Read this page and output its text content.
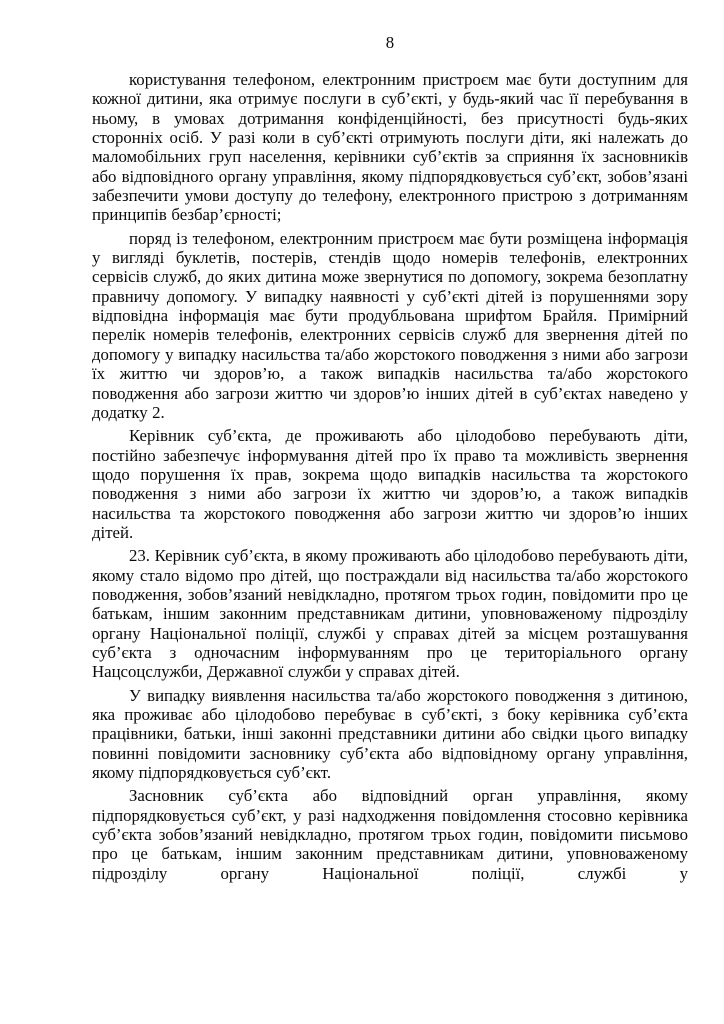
8

користування телефоном, електронним пристроєм має бути доступним для кожної дитини, яка отримує послуги в суб’єкті, у будь-який час її перебування в ньому, в умовах дотримання конфіденційності, без присутності будь-яких сторонніх осіб. У разі коли в суб’єкті отримують послуги діти, які належать до маломобільних груп населення, керівники суб’єктів за сприяння їх засновників або відповідного органу управління, якому підпорядковується суб’єкт, зобов’язані забезпечити умови доступу до телефону, електронного пристрою з дотриманням принципів безбар’єрності;

поряд із телефоном, електронним пристроєм має бути розміщена інформація у вигляді буклетів, постерів, стендів щодо номерів телефонів, електронних сервісів служб, до яких дитина може звернутися по допомогу, зокрема безоплатну правничу допомогу. У випадку наявності у суб’єкті дітей із порушеннями зору відповідна інформація має бути продубльована шрифтом Брайля. Примірний перелік номерів телефонів, електронних сервісів служб для звернення дітей по допомогу у випадку насильства та/або жорстокого поводження з ними або загрози їх життю чи здоров’ю, а також випадків насильства та/або жорстокого поводження або загрози життю чи здоров’ю інших дітей в суб’єктах наведено у додатку 2.

Керівник суб’єкта, де проживають або цілодобово перебувають діти, постійно забезпечує інформування дітей про їх право та можливість звернення щодо порушення їх прав, зокрема щодо випадків насильства та жорстокого поводження з ними або загрози їх життю чи здоров’ю, а також випадків насильства та жорстокого поводження або загрози життю чи здоров’ю інших дітей.

23. Керівник суб’єкта, в якому проживають або цілодобово перебувають діти, якому стало відомо про дітей, що постраждали від насильства та/або жорстокого поводження, зобов’язаний невідкладно, протягом трьох годин, повідомити про це батькам, іншим законним представникам дитини, уповноваженому підрозділу органу Національної поліції, службі у справах дітей за місцем розташування суб’єкта з одночасним інформуванням про це територіального органу Нацсоцслужби, Державної служби у справах дітей.

У випадку виявлення насильства та/або жорстокого поводження з дитиною, яка проживає або цілодобово перебуває в суб’єкті, з боку керівника суб’єкта працівники, батьки, інші законні представники дитини або свідки цього випадку повинні повідомити засновнику суб’єкта або відповідному органу управління, якому підпорядковується суб’єкт.

Засновник суб’єкта або відповідний орган управління, якому підпорядковується суб’єкт, у разі надходження повідомлення стосовно керівника суб’єкта зобов’язаний невідкладно, протягом трьох годин, повідомити письмово про це батькам, іншим законним представникам дитини, уповноваженому підрозділу органу Національної поліції, службі у
